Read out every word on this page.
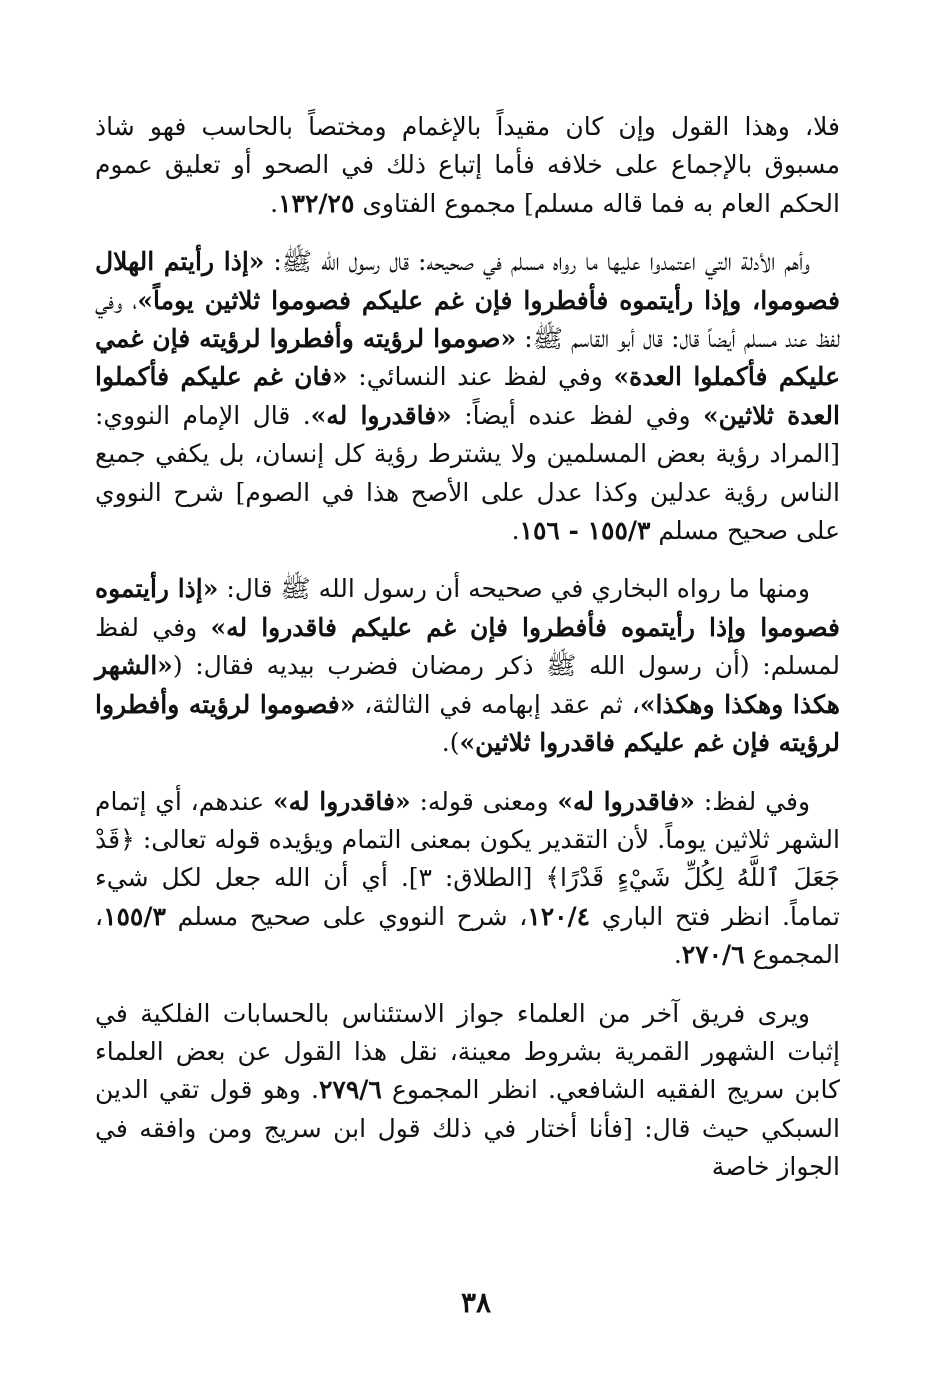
فلا، وهذا القول وإن كان مقيداً بالإغمام ومختصاً بالحاسب فهو شاذ مسبوق بالإجماع على خلافه فأما إتباع ذلك في الصحو أو تعليق عموم الحكم العام به فما قاله مسلم] مجموع الفتاوى ١٣٢/٢٥.

وأهم الأدلة التي اعتمدوا عليها ما رواه مسلم في صحيحه: قال رسول الله ﷺ: «إذا رأيتم الهلال فصوموا، وإذا رأيتموه فأفطروا فإن غم عليكم فصوموا ثلاثين يوماً»، وفي لفظ عند مسلم أيضاً قال: قال أبو القاسم ﷺ: «صوموا لرؤيته وأفطروا لرؤيته فإن غمي عليكم فأكملوا العدة» وفي لفظ عند النسائي: «فان غم عليكم فأكملوا العدة ثلاثين» وفي لفظ عنده أيضاً: «فاقدروا له». قال الإمام النووي: [المراد رؤية بعض المسلمين ولا يشترط رؤية كل إنسان، بل يكفي جميع الناس رؤية عدلين وكذا عدل على الأصح هذا في الصوم] شرح النووي على صحيح مسلم ١٥٥/٣ - ١٥٦.

ومنها ما رواه البخاري في صحيحه أن رسول الله ﷺ قال: «إذا رأيتموه فصوموا وإذا رأيتموه فأفطروا فإن غم عليكم فاقدروا له» وفي لفظ لمسلم: (أن رسول الله ﷺ ذكر رمضان فضرب بيديه فقال: («الشهر هكذا وهكذا وهكذا»، ثم عقد إبهامه في الثالثة، «فصوموا لرؤيته وأفطروا لرؤيته فإن غم عليكم فاقدروا ثلاثين»).

وفي لفظ: «فاقدروا له» ومعنى قوله: «فاقدروا له» عندهم، أي إتمام الشهر ثلاثين يوماً. لأن التقدير يكون بمعنى التمام ويؤيده قوله تعالى: ﴿قَدْ جَعَلَ ٱللَّهُ لِكُلِّ شَيْءٍ قَدْرًا﴾ [الطلاق: ٣]. أي أن الله جعل لكل شيء تماماً. انظر فتح الباري ١٢٠/٤، شرح النووي على صحيح مسلم ١٥٥/٣، المجموع ٢٧٠/٦.

ويرى فريق آخر من العلماء جواز الاستئناس بالحسابات الفلكية في إثبات الشهور القمرية بشروط معينة، نقل هذا القول عن بعض العلماء كابن سريج الفقيه الشافعي. انظر المجموع ٢٧٩/٦. وهو قول تقي الدين السبكي حيث قال: [فأنا أختار في ذلك قول ابن سريج ومن وافقه في الجواز خاصة

٣٨
